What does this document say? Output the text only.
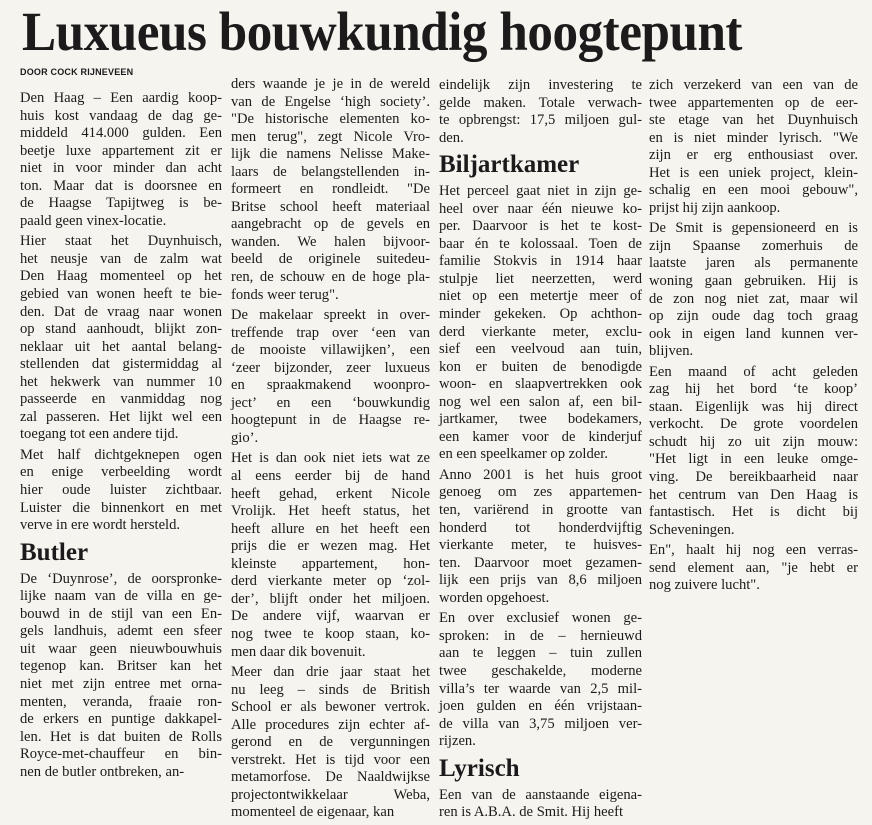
Luxueus bouwkundig hoogtepunt
DOOR COCK RIJNEVEEN
Den Haag – Een aardig koop-
huis kost vandaag de dag ge-
middeld 414.000 gulden. Een
beetje luxe appartement zit er
niet in voor minder dan acht
ton. Maar dat is doorsnee en
de Haagse Tapijtweg is be-
paald geen vinex-locatie.
Hier staat het Duynhuisch,
het neusje van de zalm wat
Den Haag momenteel op het
gebied van wonen heeft te bie-
den. Dat de vraag naar wonen
op stand aanhoudt, blijkt zon-
neklaar uit het aantal belang-
stellenden dat gistermiddag al
het hekwerk van nummer 10
passeerde en vanmiddag nog
zal passeren. Het lijkt wel een
toegang tot een andere tijd.
Met half dichtgeknepen ogen
en enige verbeelding wordt
hier oude luister zichtbaar.
Luister die binnenkort en met
verve in ere wordt hersteld.
Butler
De ‘Duynrose’, de oorspronke-
lijke naam van de villa en ge-
bouwd in de stijl van een En-
gels landhuis, ademt een sfeer
uit waar geen nieuwbouwhuis
tegenop kan. Britser kan het
niet met zijn entree met orna-
menten, veranda, fraaie ron-
de erkers en puntige dakkapel-
len. Het is dat buiten de Rolls
Royce-met-chauffeur en bin-
nen de butler ontbreken, an-
ders waande je je in de wereld
van de Engelse ‘high society’.
"De historische elementen ko-
men terug", zegt Nicole Vro-
lijk die namens Nelisse Make-
laars de belangstellenden in-
formeert en rondleidt. "De
Britse school heeft materiaal
aangebracht op de gevels en
wanden. We halen bijvoor-
beeld de originele suitedeu-
ren, de schouw en de hoge pla-
fonds weer terug".
De makelaar spreekt in over-
treffende trap over ‘een van
de mooiste villawijken’, een
‘zeer bijzonder, zeer luxueus
en spraakmakend woonpro-
ject’ en een ‘bouwkundig
hoogtepunt in de Haagse re-
gio’.
Het is dan ook niet iets wat ze
al eens eerder bij de hand
heeft gehad, erkent Nicole
Vrolijk. Het heeft status, het
heeft allure en het heeft een
prijs die er wezen mag. Het
kleinste appartement, hon-
derd vierkante meter op ‘zol-
der’, blijft onder het miljoen.
De andere vijf, waarvan er
nog twee te koop staan, ko-
men daar dik bovenuit.
Meer dan drie jaar staat het
nu leeg – sinds de British
School er als bewoner vertrok.
Alle procedures zijn echter af-
gerond en de vergunningen
verstrekt. Het is tijd voor een
metamorfose. De Naaldwijkse
projectontwikkelaar Weba,
momenteel de eigenaar, kan
eindelijk zijn investering te
gelde maken. Totale verwach-
te opbrengst: 17,5 miljoen gul-
den.
Biljartkamer
Het perceel gaat niet in zijn ge-
heel over naar één nieuwe ko-
per. Daarvoor is het te kost-
baar én te kolossaal. Toen de
familie Stokvis in 1914 haar
stulpje liet neerzetten, werd
niet op een metertje meer of
minder gekeken. Op achthon-
derd vierkante meter, exclu-
sief een veelvoud aan tuin,
kon er buiten de benodigde
woon- en slaapvertrekken ook
nog wel een salon af, een bil-
jartkamer, twee bodekamers,
een kamer voor de kinderjuf
en een speelkamer op zolder.
Anno 2001 is het huis groot
genoeg om zes appartemen-
ten, variërend in grootte van
honderd tot honderdvijftig
vierkante meter, te huisves-
ten. Daarvoor moet gezamen-
lijk een prijs van 8,6 miljoen
worden opgehoest.
En over exclusief wonen ge-
sproken: in de – hernieuwd
aan te leggen – tuin zullen
twee geschakelde, moderne
villa’s ter waarde van 2,5 mil-
joen gulden en één vrijstaan-
de villa van 3,75 miljoen ver-
rijzen.
Lyrisch
Een van de aanstaande eigena-
ren is A.B.A. de Smit. Hij heeft
zich verzekerd van een van de
twee appartementen op de eer-
ste etage van het Duynhuisch
en is niet minder lyrisch. "We
zijn er erg enthousiast over.
Het is een uniek project, klein-
schalig en een mooi gebouw",
prijst hij zijn aankoop.
De Smit is gepensioneerd en is
zijn Spaanse zomerhuis de
laatste jaren als permanente
woning gaan gebruiken. Hij is
de zon nog niet zat, maar wil
op zijn oude dag toch graag
ook in eigen land kunnen ver-
blijven.
Een maand of acht geleden
zag hij het bord ‘te koop’
staan. Eigenlijk was hij direct
verkocht. De grote voordelen
schudt hij zo uit zijn mouw:
"Het ligt in een leuke omge-
ving. De bereikbaarheid naar
het centrum van Den Haag is
fantastisch. Het is dicht bij
Scheveningen.
En", haalt hij nog een verras-
send element aan, "je hebt er
nog zuivere lucht".
